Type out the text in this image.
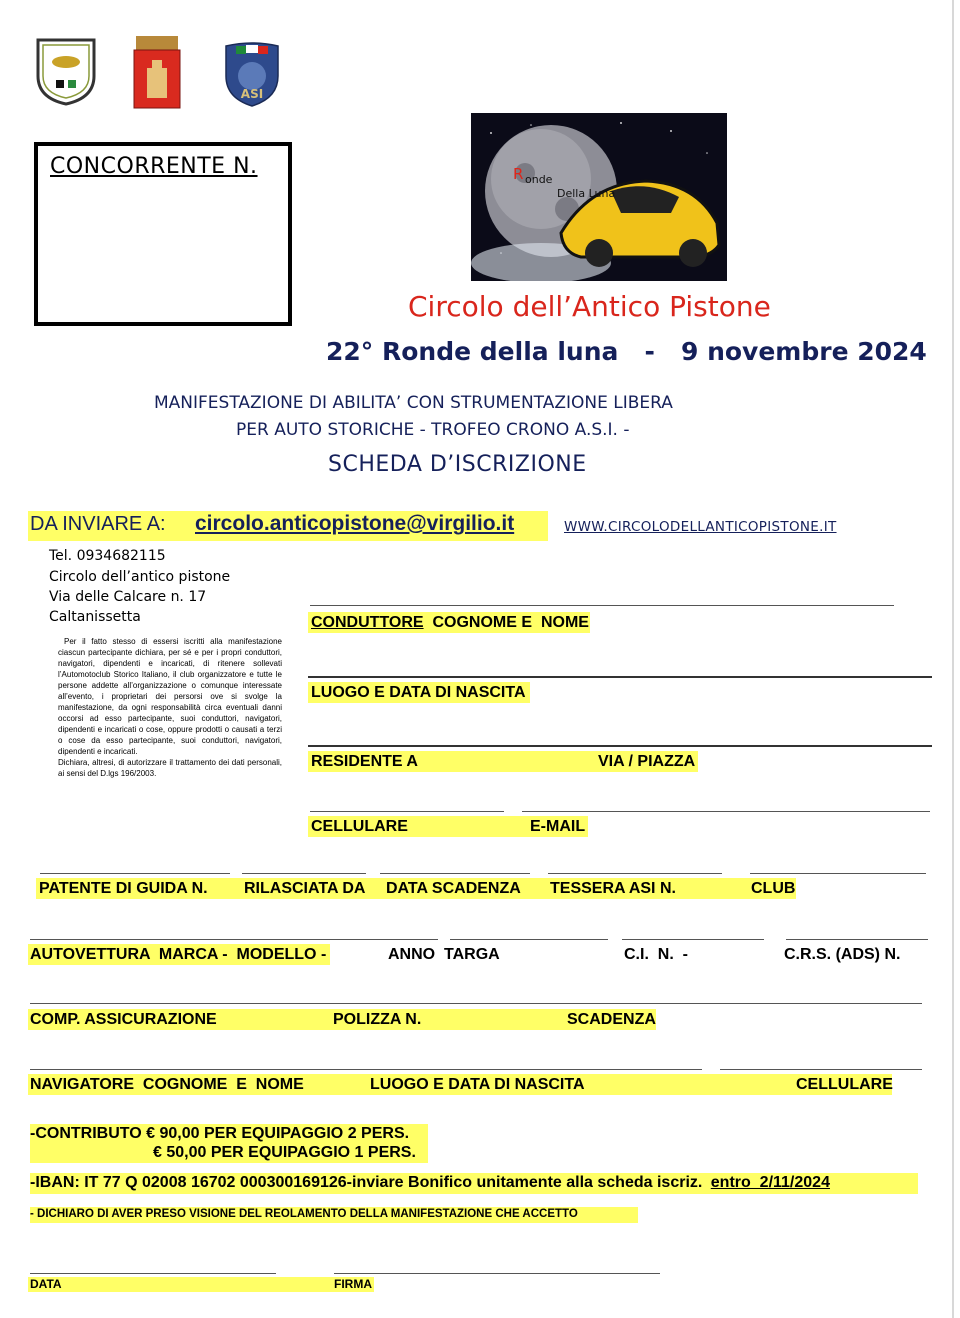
ASI
CONCORRENTE N.	R onde
Della Luna
Circolo dell’Antico Pistone
22° Ronde della luna   -   9 novembre 2024
MANIFESTAZIONE DI ABILITA’ CON STRUMENTAZIONE LIBERA
PER AUTO STORICHE - TROFEO CRONO A.S.I. -
SCHEDA D’ISCRIZIONE
DA INVIARE A: circolo.anticopistone@virgilio.it	WWW.CIRCOLODELLANTICOPISTONE.IT
Tel. 0934682115
Circolo dell’antico pistone
Via delle Calcare n. 17
Caltanissetta
Per il fatto stesso di essersi iscritti alla manifestazione ciascun partecipante dichiara, per sé e per i propri conduttori, navigatori, dipendenti e incaricati, di ritenere sollevati l’Automotoclub Storico Italiano, il club organizzatore e tutte le persone addette all’organizzazione o comunque interessate all’evento, i proprietari dei persorsi ove si svolge la manifestazione, da ogni responsabilità circa eventuali danni occorsi ad esso partecipante, suoi conduttori, navigatori, dipendenti e incaricati o cose, oppure prodotti o causati a terzi o cose da esso partecipante, suoi conduttori, navigatori, dipendenti e incaricati.
Dichiara, altresi, di autorizzare il trattamento dei dati personali, ai sensi del D.lgs 196/2003.
CONDUTTORE  COGNOME E  NOME
LUOGO E DATA DI NASCITA
RESIDENTE A	VIA / PIAZZA
CELLULARE	E-MAIL
PATENTE DI GUIDA N. RILASCIATA DA DATA SCADENZA TESSERA ASI N.	CLUB
AUTOVETTURA  MARCA -  MODELLO -	ANNO  TARGA	C.I.  N.  -	C.R.S. (ADS) N.
COMP. ASSICURAZIONE	POLIZZA N.	SCADENZA
NAVIGATORE  COGNOME  E  NOME	LUOGO E DATA DI NASCITA	CELLULARE
-CONTRIBUTO € 90,00 PER EQUIPAGGIO 2 PERS.
€ 50,00 PER EQUIPAGGIO 1 PERS.
-IBAN: IT 77 Q 02008 16702 000300169126-inviare Bonifico unitamente alla scheda iscriz. entro  2/11/2024
- DICHIARO DI AVER PRESO VISIONE DEL REOLAMENTO DELLA MANIFESTAZIONE CHE ACCETTO
DATA	FIRMA
